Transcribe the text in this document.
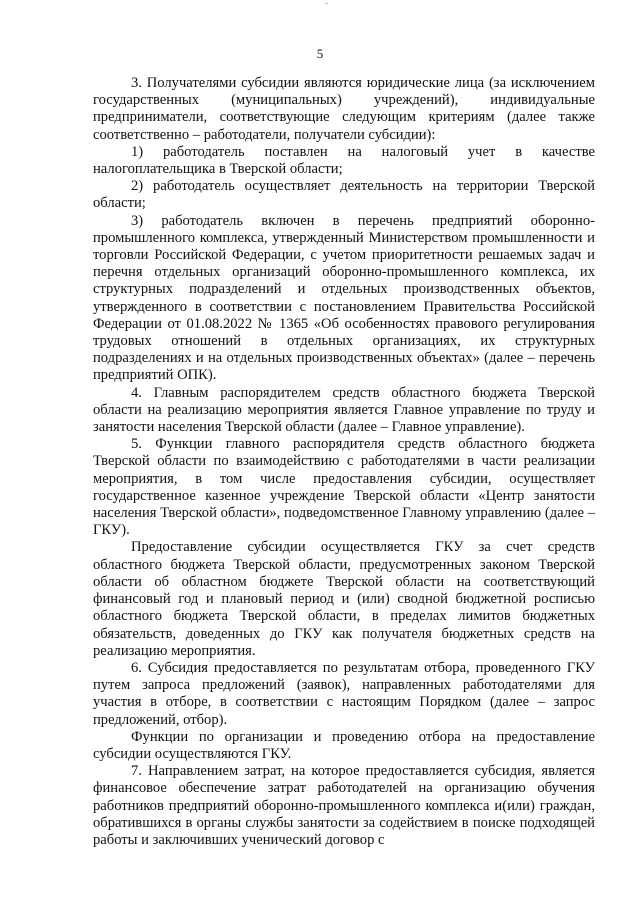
5

3. Получателями субсидии являются юридические лица (за исключением государственных (муниципальных) учреждений), индивидуальные предприниматели, соответствующие следующим критериям (далее также соответственно – работодатели, получатели субсидии):

1) работодатель поставлен на налоговый учет в качестве налогоплательщика в Тверской области;

2) работодатель осуществляет деятельность на территории Тверской области;

3) работодатель включен в перечень предприятий оборонно-промышленного комплекса, утвержденный Министерством промышленности и торговли Российской Федерации, с учетом приоритетности решаемых задач и перечня отдельных организаций оборонно-промышленного комплекса, их структурных подразделений и отдельных производственных объектов, утвержденного в соответствии с постановлением Правительства Российской Федерации от 01.08.2022 № 1365 «Об особенностях правового регулирования трудовых отношений в отдельных организациях, их структурных подразделениях и на отдельных производственных объектах» (далее – перечень предприятий ОПК).

4. Главным распорядителем средств областного бюджета Тверской области на реализацию мероприятия является Главное управление по труду и занятости населения Тверской области (далее – Главное управление).

5. Функции главного распорядителя средств областного бюджета Тверской области по взаимодействию с работодателями в части реализации мероприятия, в том числе предоставления субсидии, осуществляет государственное казенное учреждение Тверской области «Центр занятости населения Тверской области», подведомственное Главному управлению (далее – ГКУ).

Предоставление субсидии осуществляется ГКУ за счет средств областного бюджета Тверской области, предусмотренных законом Тверской области об областном бюджете Тверской области на соответствующий финансовый год и плановый период и (или) сводной бюджетной росписью областного бюджета Тверской области, в пределах лимитов бюджетных обязательств, доведенных до ГКУ как получателя бюджетных средств на реализацию мероприятия.

6. Субсидия предоставляется по результатам отбора, проведенного ГКУ путем запроса предложений (заявок), направленных работодателями для участия в отборе, в соответствии с настоящим Порядком (далее – запрос предложений, отбор).

Функции по организации и проведению отбора на предоставление субсидии осуществляются ГКУ.

7. Направлением затрат, на которое предоставляется субсидия, является финансовое обеспечение затрат работодателей на организацию обучения работников предприятий оборонно-промышленного комплекса и(или) граждан, обратившихся в органы службы занятости за содействием в поиске подходящей работы и заключивших ученический договор с
